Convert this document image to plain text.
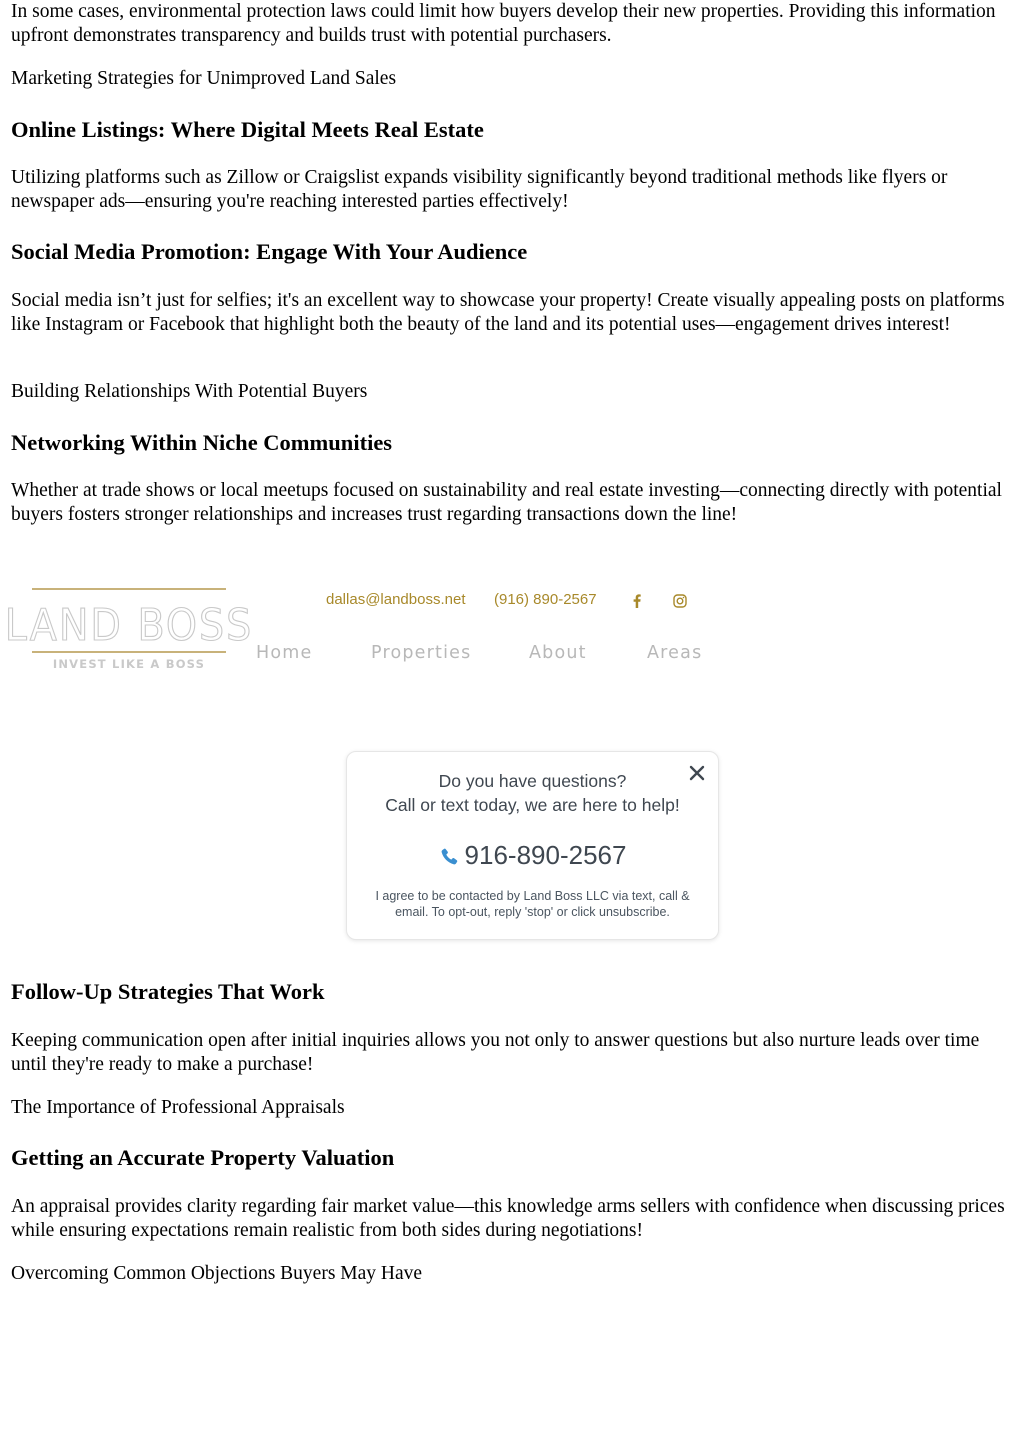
In some cases, environmental protection laws could limit how buyers develop their new properties. Providing this information upfront demonstrates transparency and builds trust with potential purchasers.

Marketing Strategies for Unimproved Land Sales

Online Listings: Where Digital Meets Real Estate

Utilizing platforms such as Zillow or Craigslist expands visibility significantly beyond traditional methods like flyers or newspaper ads—ensuring you're reaching interested parties effectively!

Social Media Promotion: Engage With Your Audience

Social media isn’t just for selfies; it's an excellent way to showcase your property! Create visually appealing posts on platforms like Instagram or Facebook that highlight both the beauty of the land and its potential uses—engagement drives interest!

Building Relationships With Potential Buyers

Networking Within Niche Communities

Whether at trade shows or local meetups focused on sustainability and real estate investing—connecting directly with potential buyers fosters stronger relationships and increases trust regarding transactions down the line!

LAND BOSS
INVEST LIKE A BOSS
dallas@landboss.net (916) 890-2567
Home	Properties	About	Areas
Do you have questions?
Call or text today, we are here to help!
916-890-2567
I agree to be contacted by Land Boss LLC via text, call & email. To opt-out, reply 'stop' or click unsubscribe.
Follow-Up Strategies That Work

Keeping communication open after initial inquiries allows you not only to answer questions but also nurture leads over time until they're ready to make a purchase!

The Importance of Professional Appraisals

Getting an Accurate Property Valuation

An appraisal provides clarity regarding fair market value—this knowledge arms sellers with confidence when discussing prices while ensuring expectations remain realistic from both sides during negotiations!

Overcoming Common Objections Buyers May Have
